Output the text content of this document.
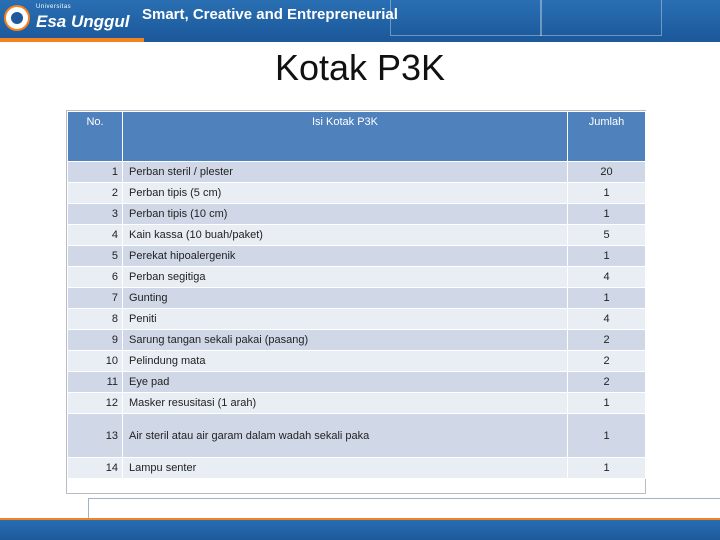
Universitas
Esa Unggul Smart, Creative and Entrepreneurial
Kotak P3K
No.	Isi Kotak P3K	Jumlah
1	Perban steril / plester	20
2	Perban tipis (5 cm)	1
3	Perban tipis (10 cm)	1
4	Kain kassa (10 buah/paket)	5
5	Perekat hipoalergenik	1
6	Perban segitiga	4
7	Gunting	1
8	Peniti	4
9	Sarung tangan sekali pakai (pasang)	2
10	Pelindung mata	2
11	Eye pad	2
12	Masker resusitasi (1 arah)	1
13	Air steril atau air garam dalam wadah sekali paka	1
14	Lampu senter	1
